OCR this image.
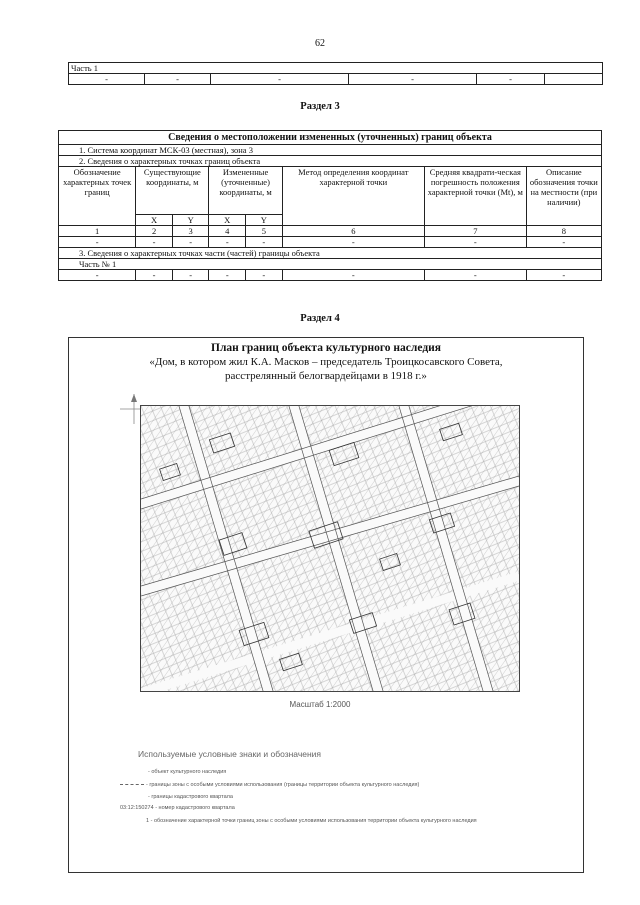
62
Часть 1
-	-	-	-	-	
Раздел 3
Сведения о местоположении измененных (уточненных) границ объекта							
1. Система координат МСК-03 (местная), зона 3							
2. Сведения о характерных точках границ объекта							
Обозначение характерных точек границ	Существующие координаты, м		Измененные (уточненные) координаты, м		Метод определения координат характерной точки	Средняя квадрати-ческая погрешность положения характерной точки (Mt), м	Описание обозначения точки на местности (при наличии)
	X	Y	X	Y			
1	2	3	4	5	6	7	8
-	-	-	-	-	-	-	-
3. Сведения о характерных точках части (частей) границы объекта							
Часть № 1							
-	-	-	-	-	-	-	-
Раздел 4
План границ объекта культурного наследия
«Дом, в котором жил К.А. Масков – председатель Троицкосавского Совета,
расстрелянный белогвардейцами в 1918 г.»
Масштаб 1:2000
Используемые условные знаки и обозначения
- объект культурного наследия
- границы зоны с особыми условиями использования (границы территории объекта культурного наследия)
- границы кадастрового квартала
03:12:150274 - номер кадастрового квартала
1 - обозначение характерной точки границ зоны с особыми условиями использования территории объекта культурного наследия
